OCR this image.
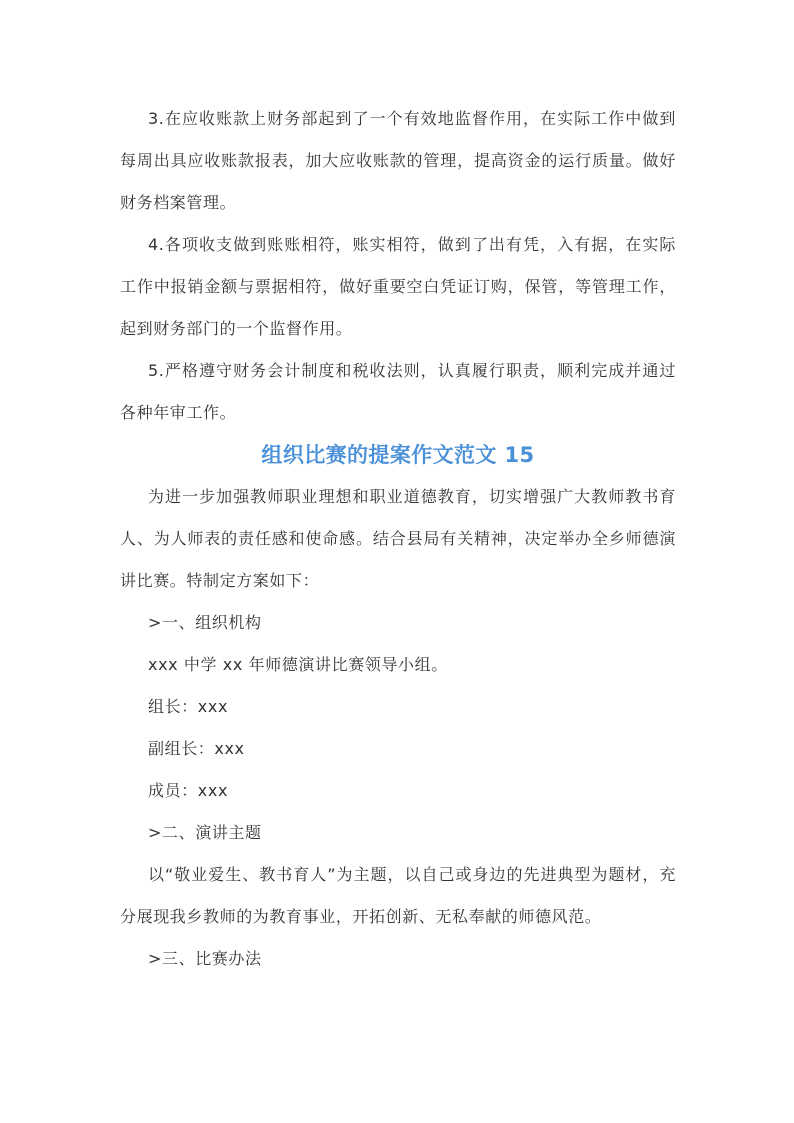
3.在应收账款上财务部起到了一个有效地监督作用，在实际工作中做到每周出具应收账款报表，加大应收账款的管理，提高资金的运行质量。做好财务档案管理。

4.各项收支做到账账相符，账实相符，做到了出有凭，入有据，在实际工作中报销金额与票据相符，做好重要空白凭证订购，保管，等管理工作，起到财务部门的一个监督作用。

5.严格遵守财务会计制度和税收法则，认真履行职责，顺利完成并通过各种年审工作。

组织比赛的提案作文范文 15

为进一步加强教师职业理想和职业道德教育，切实增强广大教师教书育人、为人师表的责任感和使命感。结合县局有关精神，决定举办全乡师德演讲比赛。特制定方案如下：

>一、组织机构

xxx 中学 xx 年师德演讲比赛领导小组。

组长：xxx

副组长：xxx

成员：xxx

>二、演讲主题

以“敬业爱生、教书育人”为主题，以自己或身边的先进典型为题材，充分展现我乡教师的为教育事业，开拓创新、无私奉献的师德风范。

>三、比赛办法
